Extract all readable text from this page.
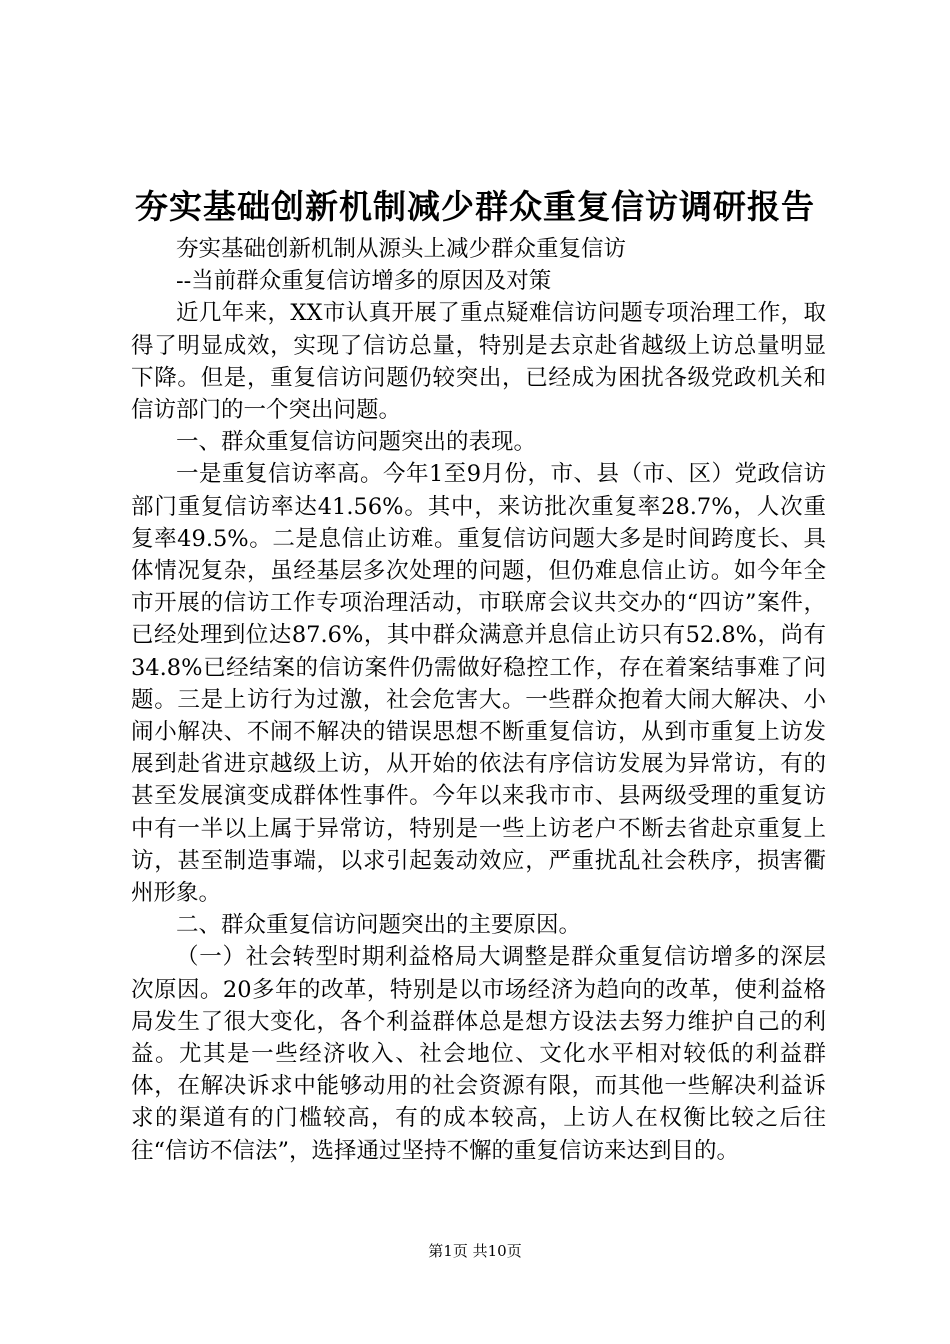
夯实基础创新机制减少群众重复信访调研报告

夯实基础创新机制从源头上减少群众重复信访

--当前群众重复信访增多的原因及对策

近几年来，XX市认真开展了重点疑难信访问题专项治理工作，取得了明显成效，实现了信访总量，特别是去京赴省越级上访总量明显下降。但是，重复信访问题仍较突出，已经成为困扰各级党政机关和信访部门的一个突出问题。

一、群众重复信访问题突出的表现。

一是重复信访率高。今年1至9月份，市、县（市、区）党政信访部门重复信访率达41.56%。其中，来访批次重复率28.7%，人次重复率49.5%。二是息信止访难。重复信访问题大多是时间跨度长、具体情况复杂，虽经基层多次处理的问题，但仍难息信止访。如今年全市开展的信访工作专项治理活动，市联席会议共交办的“四访”案件，已经处理到位达87.6%，其中群众满意并息信止访只有52.8%，尚有34.8%已经结案的信访案件仍需做好稳控工作，存在着案结事难了问题。三是上访行为过激，社会危害大。一些群众抱着大闹大解决、小闹小解决、不闹不解决的错误思想不断重复信访，从到市重复上访发展到赴省进京越级上访，从开始的依法有序信访发展为异常访，有的甚至发展演变成群体性事件。今年以来我市市、县两级受理的重复访中有一半以上属于异常访，特别是一些上访老户不断去省赴京重复上访，甚至制造事端，以求引起轰动效应，严重扰乱社会秩序，损害衢州形象。

二、群众重复信访问题突出的主要原因。

（一）社会转型时期利益格局大调整是群众重复信访增多的深层次原因。20多年的改革，特别是以市场经济为趋向的改革，使利益格局发生了很大变化，各个利益群体总是想方设法去努力维护自己的利益。尤其是一些经济收入、社会地位、文化水平相对较低的利益群体，在解决诉求中能够动用的社会资源有限，而其他一些解决利益诉求的渠道有的门槛较高，有的成本较高，上访人在权衡比较之后往往“信访不信法”，选择通过坚持不懈的重复信访来达到目的。

第1页 共10页
